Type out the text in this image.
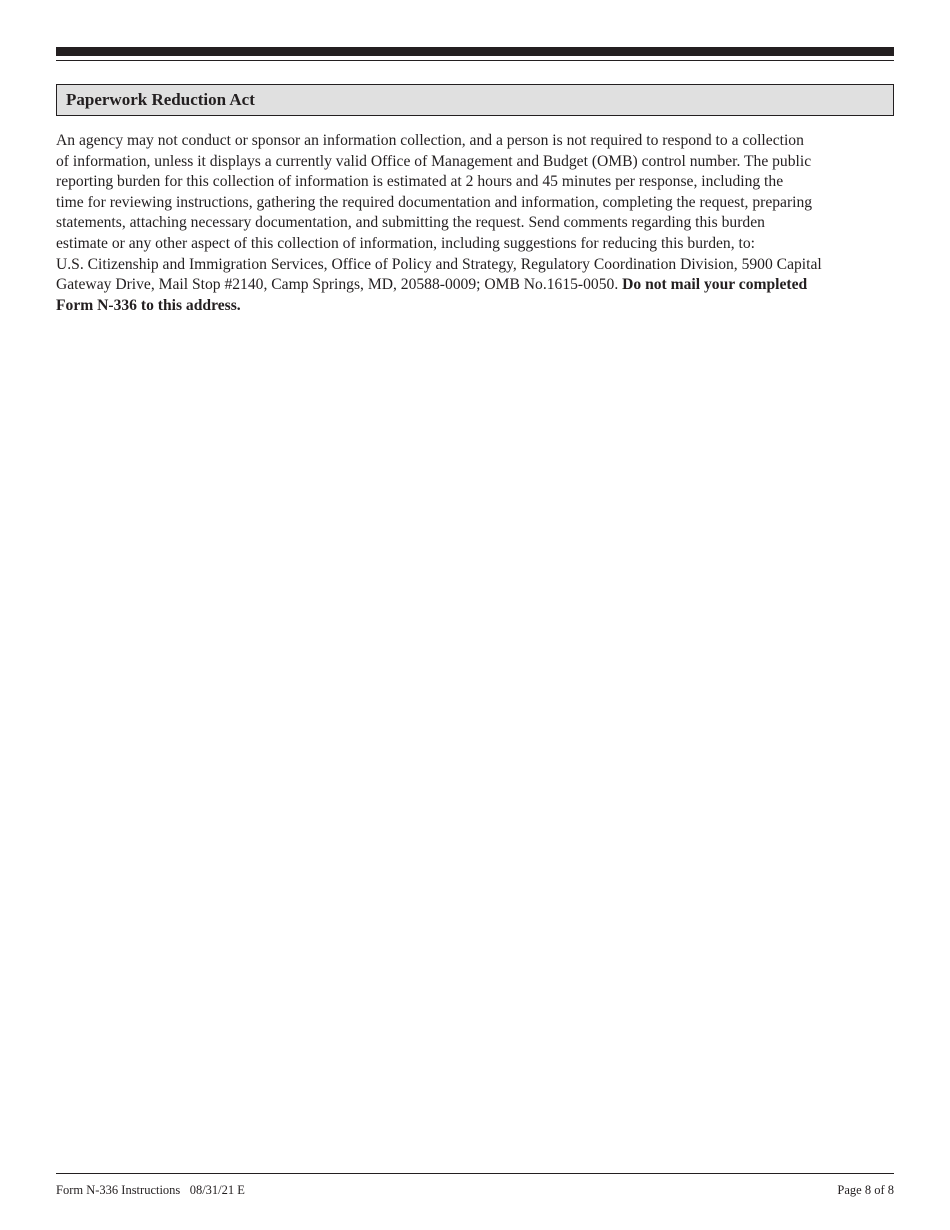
Paperwork Reduction Act
An agency may not conduct or sponsor an information collection, and a person is not required to respond to a collection
of information, unless it displays a currently valid Office of Management and Budget (OMB) control number. The public
reporting burden for this collection of information is estimated at 2 hours and 45 minutes per response, including the
time for reviewing instructions, gathering the required documentation and information, completing the request, preparing
statements, attaching necessary documentation, and submitting the request. Send comments regarding this burden
estimate or any other aspect of this collection of information, including suggestions for reducing this burden, to:
U.S. Citizenship and Immigration Services, Office of Policy and Strategy, Regulatory Coordination Division, 5900 Capital
Gateway Drive, Mail Stop #2140, Camp Springs, MD, 20588-0009; OMB No.1615-0050. Do not mail your completed
Form N-336 to this address.
Form N-336 Instructions 08/31/21 E	Page 8 of 8
